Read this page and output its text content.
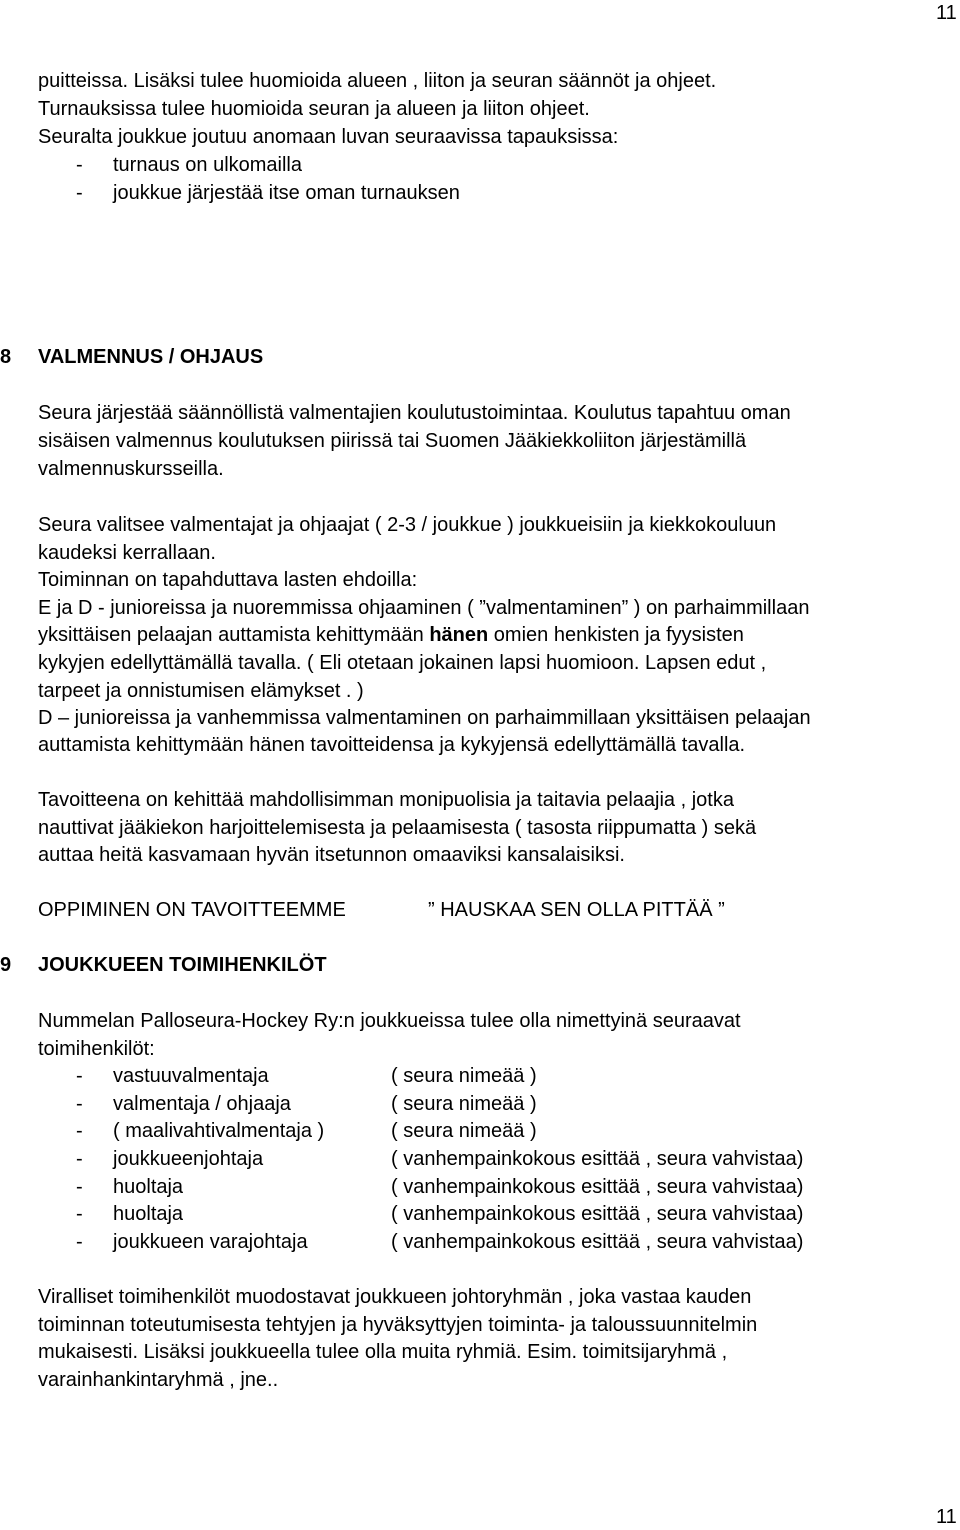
11
puitteissa. Lisäksi tulee huomioida alueen , liiton ja seuran säännöt ja ohjeet.
Turnauksissa tulee huomioida seuran ja alueen ja liiton ohjeet.
Seuralta joukkue joutuu anomaan luvan seuraavissa tapauksissa:
- turnaus on ulkomailla
- joukkue järjestää itse oman turnauksen
8 VALMENNUS / OHJAUS
Seura järjestää säännöllistä valmentajien koulutustoimintaa. Koulutus tapahtuu oman
sisäisen valmennus koulutuksen piirissä tai Suomen Jääkiekkoliiton järjestämillä
valmennuskursseilla.
Seura valitsee valmentajat ja ohjaajat ( 2-3 / joukkue ) joukkueisiin ja kiekkokouluun
kaudeksi kerrallaan.
Toiminnan on tapahduttava lasten ehdoilla:
E ja D - junioreissa ja nuoremmissa ohjaaminen ( ”valmentaminen” ) on parhaimmillaan
yksittäisen pelaajan auttamista kehittymään hänen omien henkisten ja fyysisten
kykyjen edellyttämällä tavalla. ( Eli otetaan jokainen lapsi huomioon. Lapsen edut ,
tarpeet ja onnistumisen elämykset . )
D – junioreissa ja vanhemmissa valmentaminen on parhaimmillaan yksittäisen pelaajan
auttamista kehittymään hänen tavoitteidensa ja kykyjensä edellyttämällä tavalla.
Tavoitteena on kehittää mahdollisimman monipuolisia ja taitavia pelaajia , jotka
nauttivat jääkiekon harjoittelemisesta ja pelaamisesta ( tasosta riippumatta ) sekä
auttaa heitä kasvamaan hyvän itsetunnon omaaviksi kansalaisiksi.
OPPIMINEN ON TAVOITTEEMME	” HAUSKAA SEN OLLA PITTÄÄ ”
9 JOUKKUEEN TOIMIHENKILÖT
Nummelan Palloseura-Hockey Ry:n joukkueissa tulee olla nimettyinä seuraavat
toimihenkilöt:
- vastuuvalmentaja	( seura nimeää )
- valmentaja / ohjaaja	( seura nimeää )
- ( maalivahtivalmentaja )	( seura nimeää )
- joukkueenjohtaja	( vanhempainkokous esittää , seura vahvistaa)
- huoltaja	( vanhempainkokous esittää , seura vahvistaa)
- huoltaja	( vanhempainkokous esittää , seura vahvistaa)
- joukkueen varajohtaja	( vanhempainkokous esittää , seura vahvistaa)
Viralliset toimihenkilöt muodostavat joukkueen johtoryhmän , joka vastaa kauden
toiminnan toteutumisesta tehtyjen ja hyväksyttyjen toiminta- ja taloussuunnitelmin
mukaisesti. Lisäksi joukkueella tulee olla muita ryhmiä. Esim. toimitsijaryhmä ,
varainhankintaryhmä , jne..
11
